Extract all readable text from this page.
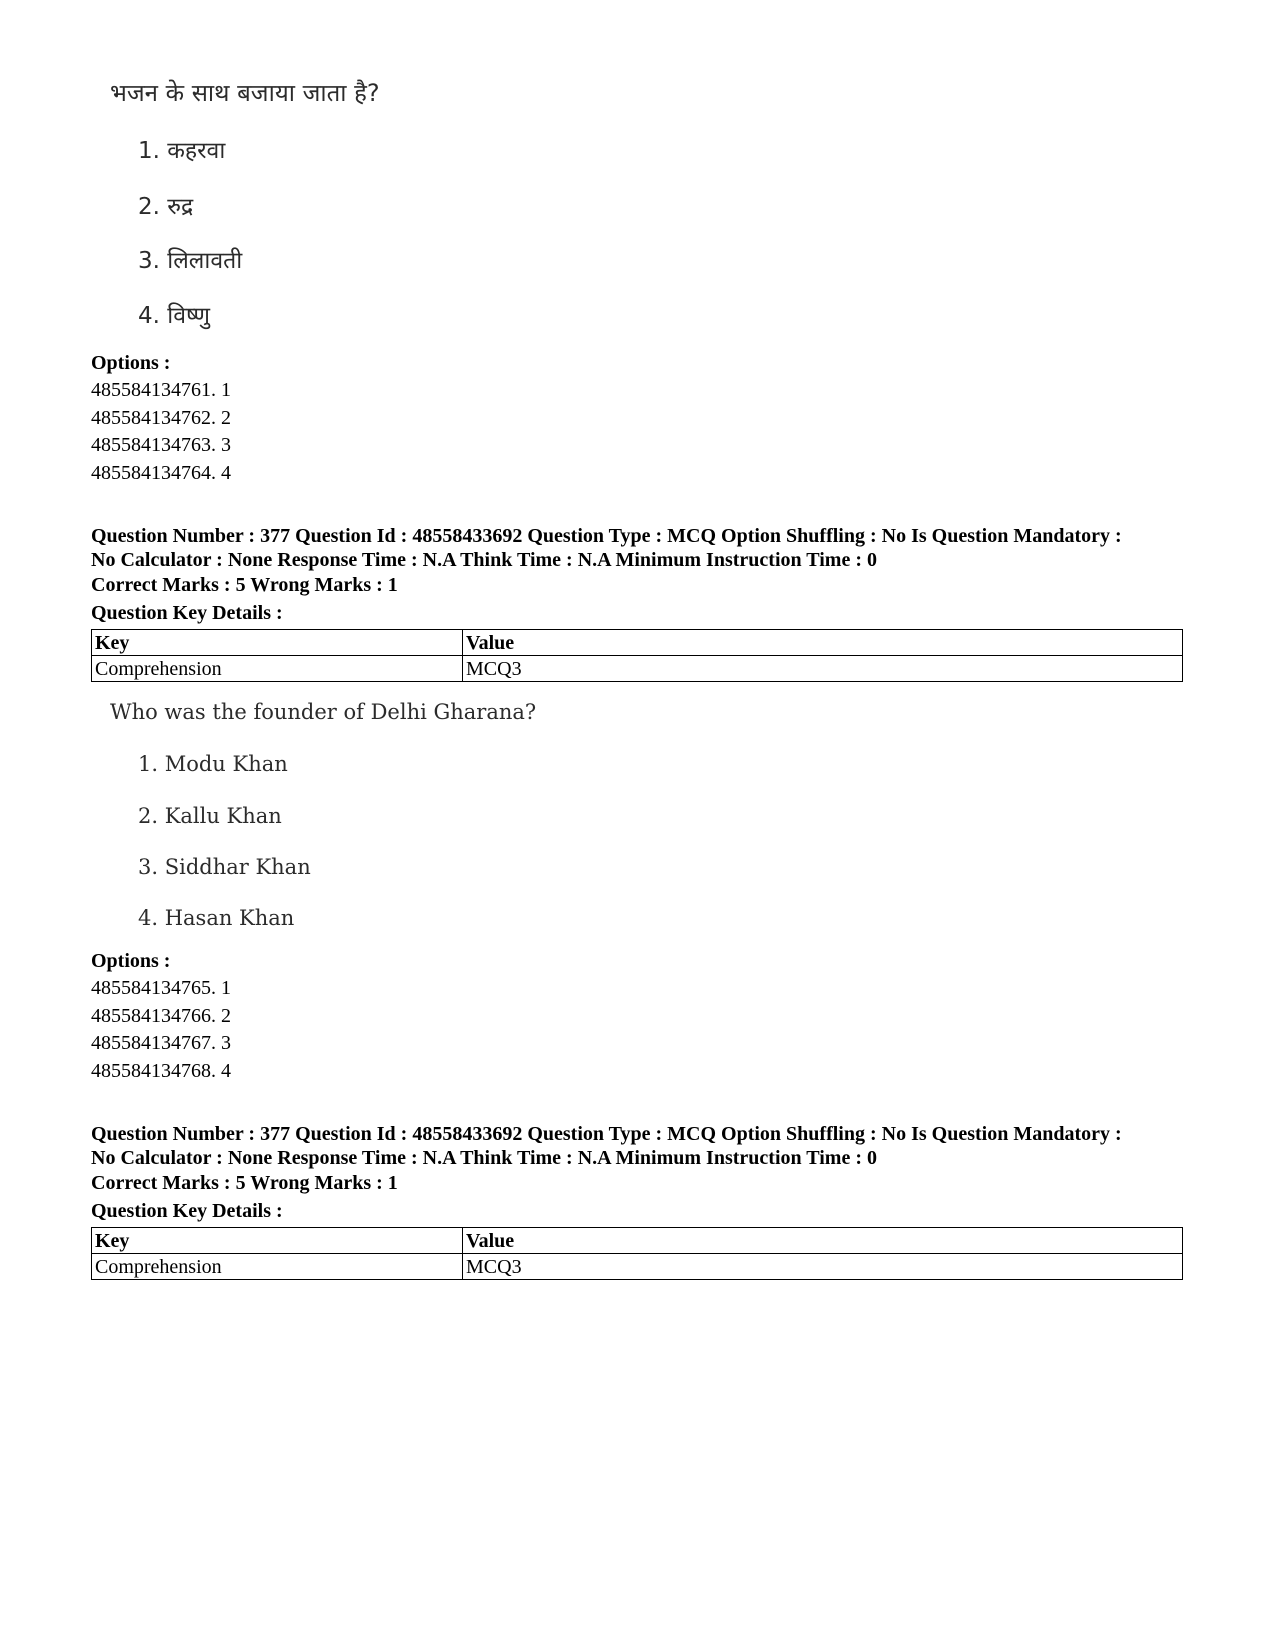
भजन के साथ बजाया जाता है?
1. कहरवा
2. रुद्र
3. लिलावती
4. विष्णु
Options :
485584134761. 1
485584134762. 2
485584134763. 3
485584134764. 4
Question Number : 377 Question Id : 48558433692 Question Type : MCQ Option Shuffling : No Is Question Mandatory :
No Calculator : None Response Time : N.A Think Time : N.A Minimum Instruction Time : 0
Correct Marks : 5 Wrong Marks : 1
Question Key Details :
Key	Value
Comprehension	MCQ3
Who was the founder of Delhi Gharana?
1. Modu Khan
2. Kallu Khan
3. Siddhar Khan
4. Hasan Khan
Options :
485584134765. 1
485584134766. 2
485584134767. 3
485584134768. 4
Question Number : 377 Question Id : 48558433692 Question Type : MCQ Option Shuffling : No Is Question Mandatory :
No Calculator : None Response Time : N.A Think Time : N.A Minimum Instruction Time : 0
Correct Marks : 5 Wrong Marks : 1
Question Key Details :
Key	Value
Comprehension	MCQ3
